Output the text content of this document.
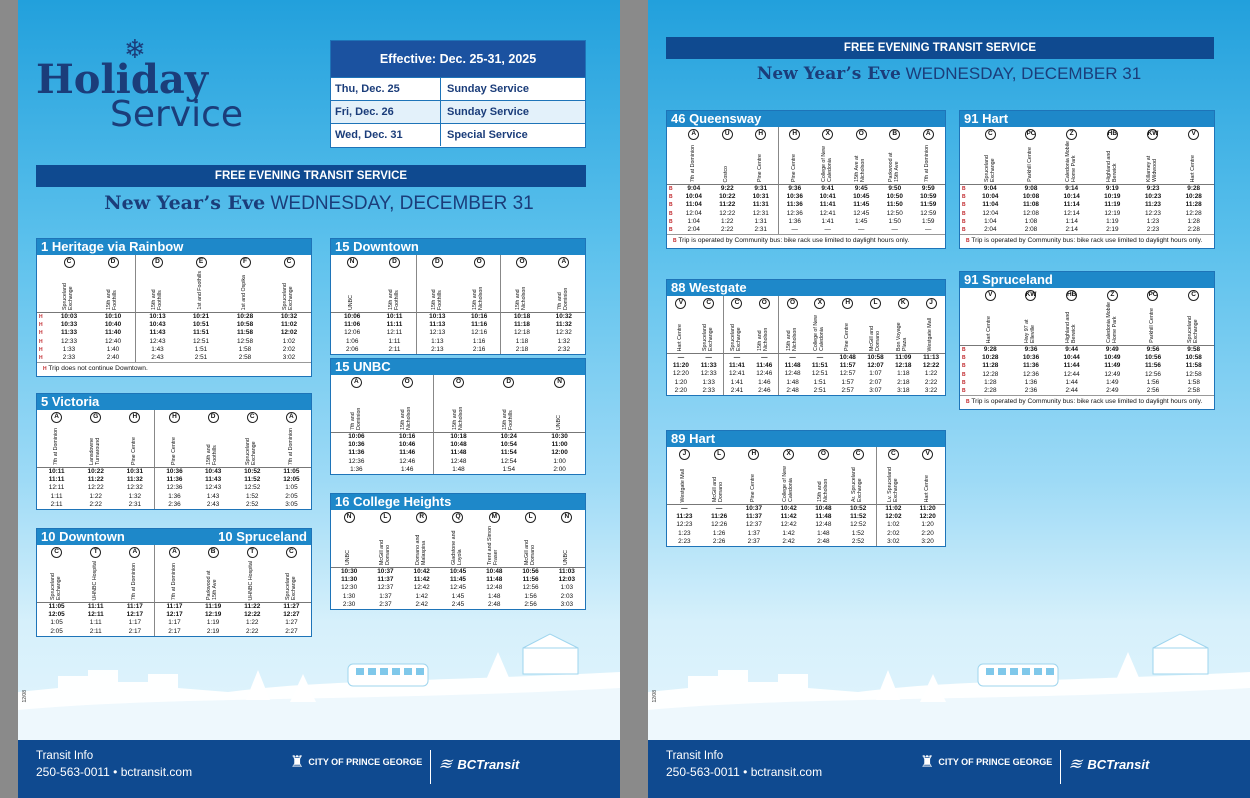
❄
Holiday
Service
Effective: Dec. 25-31, 2025
Thu, Dec. 25	Sunday Service
Fri, Dec. 26	Sunday Service
Wed, Dec. 31	Special Service
FREE EVENING TRANSIT SERVICE
New Year’s Eve WEDNESDAY, DECEMBER 31
1 Heritage via Rainbow
C	D	D	E	F	C
Spruceland Exchange	15th and Foothills	15th and Foothills	1st and Foothills	1st and Ospika	Spruceland Exchange
H	10:03	10:10	10:13	10:21	10:28	10:32
H	10:33	10:40	10:43	10:51	10:58	11:02
H	11:33	11:40	11:43	11:51	11:58	12:02
H	12:33	12:40	12:43	12:51	12:58	1:02
H	1:33	1:40	1:43	1:51	1:58	2:02
H	2:33	2:40	2:43	2:51	2:58	3:02
H Trip does not continue Downtown.
5 Victoria
A	G	H	H	D	C	A
7th at Dominion	Lansdowne Turnaround	Pine Centre	Pine Centre	15th and Foothills	Spruceland Exchange	7th at Dominion
10:11	10:22	10:31	10:36	10:43	10:52	11:05
11:11	11:22	11:32	11:36	11:43	11:52	12:05
12:11	12:22	12:32	12:36	12:43	12:52	1:05
1:11	1:22	1:32	1:36	1:43	1:52	2:05
2:11	2:22	2:31	2:36	2:43	2:52	3:05
10 Downtown	10 Spruceland
C	T	A	A	B	T	C
Spruceland Exchange	UHNBC Hospital	7th at Dominion	7th at Dominion	Parkwood at 15th Ave	UHNBC Hospital	Spruceland Exchange
11:05	11:11	11:17	11:17	11:19	11:22	11:27
12:05	12:11	12:17	12:17	12:19	12:22	12:27
1:05	1:11	1:17	1:17	1:19	1:22	1:27
2:05	2:11	2:17	2:17	2:19	2:22	2:27
15 Downtown
N	D	D	O	O	A
UNBC	15th and Foothills	15th and Foothills	15th and Nicholson	15th and Nicholson	7th and Dominion
10:06	10:11	10:13	10:16	10:18	10:32
11:06	11:11	11:13	11:16	11:18	11:32
12:06	12:11	12:13	12:16	12:18	12:32
1:06	1:11	1:13	1:16	1:18	1:32
2:06	2:11	2:13	2:16	2:18	2:32
15 UNBC
A	O	O	D	N
7th and Dominion	15th and Nicholson	15th and Nicholson	15th and Foothills	UNBC
10:06	10:16	10:18	10:24	10:30
10:36	10:46	10:48	10:54	11:00
11:36	11:46	11:48	11:54	12:00
12:36	12:46	12:48	12:54	1:00
1:36	1:46	1:48	1:54	2:00
16 College Heights
N	L	R	Q	M	L	N
UNBC	McGill and Domano	Domano and Malaspina	Gladstone and Loyola	Trent and Simon Fraser	McGill and Domano	UNBC
10:30	10:37	10:42	10:45	10:48	10:56	11:03
11:30	11:37	11:42	11:45	11:48	11:56	12:03
12:30	12:37	12:42	12:45	12:48	12:56	1:03
1:30	1:37	1:42	1:45	1:48	1:56	2:03
2:30	2:37	2:42	2:45	2:48	2:56	3:03
12/08
Transit Info
250-563-0011 • bctransit.com
♜ CITY OF PRINCE GEORGE ≋ BCTransit
FREE EVENING TRANSIT SERVICE
New Year’s Eve WEDNESDAY, DECEMBER 31
46 Queensway
A	U	H	H	X	O	B	A
7th at Dominion	Costco	Pine Centre	Pine Centre	College of New Caledonia	15th Ave at Nicholson	Parkwood at 15th Ave	7th at Dominion
B	9:04	9:22	9:31	9:36	9:41	9:45	9:50	9:59
B	10:04	10:22	10:31	10:36	10:41	10:45	10:50	10:59
B	11:04	11:22	11:31	11:36	11:41	11:45	11:50	11:59
B	12:04	12:22	12:31	12:36	12:41	12:45	12:50	12:59
B	1:04	1:22	1:31	1:36	1:41	1:45	1:50	1:59
B	2:04	2:22	2:31	—	—	—	—	—
B Trip is operated by Community bus: bike rack use limited to daylight hours only.
88 Westgate
V	C	C	O	O	X	H	L	K	J
Hart Centre	Spruceland Exchange	Spruceland Exchange	15th and Nicholson	15th and Nicholson	College of New Caledonia	Pine Centre	McGill and Domano	Bon Voyage Plaza	Westgate Mall
—	—	—	—	—	—	10:48	10:58	11:09	11:13
11:20	11:33	11:41	11:46	11:48	11:51	11:57	12:07	12:18	12:22
12:20	12:33	12:41	12:46	12:48	12:51	12:57	1:07	1:18	1:22
1:20	1:33	1:41	1:46	1:48	1:51	1:57	2:07	2:18	2:22
2:20	2:33	2:41	2:46	2:48	2:51	2:57	3:07	3:18	3:22
89 Hart
J	L	H	X	O	C	C	V
Westgate Mall	McGill and Domano	Pine Centre	College of New Caledonia	15th and Nicholson	Ar. Spruceland Exchange	Lv. Spruceland Exchange	Hart Centre
—	—	10:37	10:42	10:48	10:52	11:02	11:20
11:23	11:26	11:37	11:42	11:48	11:52	12:02	12:20
12:23	12:26	12:37	12:42	12:48	12:52	1:02	1:20
1:23	1:26	1:37	1:42	1:48	1:52	2:02	2:20
2:23	2:26	2:37	2:42	2:48	2:52	3:02	3:20
91 Hart
C	PC	Z	HB	KW	V
Spruceland Exchange	Parkhill Centre	Caledonia Mobile Home Park	Highland and Berwick	Killarney at Wildwood	Hart Centre
B	9:04	9:08	9:14	9:19	9:23	9:28
B	10:04	10:08	10:14	10:19	10:23	10:28
B	11:04	11:08	11:14	11:19	11:23	11:28
B	12:04	12:08	12:14	12:19	12:23	12:28
B	1:04	1:08	1:14	1:19	1:23	1:28
B	2:04	2:08	2:14	2:19	2:23	2:28
B Trip is operated by Community bus: bike rack use limited to daylight hours only.
91 Spruceland
V	KW	HB	Z	PC	C
Hart Centre	Hwy 97 at Elleville	Highland and Berwick	Caledonia Mobile Home Park	Parkhill Centre	Spruceland Exchange
B	9:28	9:36	9:44	9:49	9:56	9:58
B	10:28	10:36	10:44	10:49	10:56	10:58
B	11:28	11:36	11:44	11:49	11:56	11:58
B	12:28	12:36	12:44	12:49	12:56	12:58
B	1:28	1:36	1:44	1:49	1:56	1:58
B	2:28	2:36	2:44	2:49	2:56	2:58
B Trip is operated by Community bus: bike rack use limited to daylight hours only.
12/08
Transit Info
250-563-0011 • bctransit.com
♜ CITY OF PRINCE GEORGE ≋ BCTransit
